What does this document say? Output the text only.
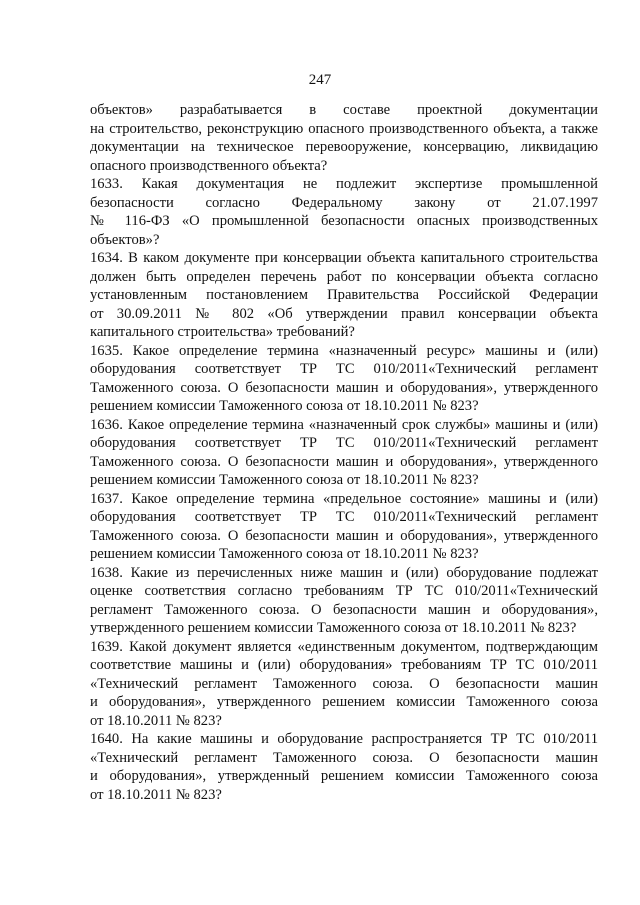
247
объектов» разрабатывается в составе проектной документации
на строительство, реконструкцию опасного производственного объекта, а также
документации на техническое перевооружение, консервацию, ликвидацию
опасного производственного объекта?
1633. Какая документация не подлежит экспертизе промышленной
безопасности согласно Федеральному закону от 21.07.1997
№ 116-ФЗ «О промышленной безопасности опасных производственных
объектов»?
1634. В каком документе при консервации объекта капитального строительства
должен быть определен перечень работ по консервации объекта согласно
установленным постановлением Правительства Российской Федерации
от 30.09.2011 № 802 «Об утверждении правил консервации объекта
капитального строительства» требований?
1635. Какое определение термина «назначенный ресурс» машины и (или)
оборудования соответствует ТР ТС 010/2011«Технический регламент
Таможенного союза. О безопасности машин и оборудования», утвержденного
решением комиссии Таможенного союза от 18.10.2011 № 823?
1636. Какое определение термина «назначенный срок службы» машины и (или)
оборудования соответствует ТР ТС 010/2011«Технический регламент
Таможенного союза. О безопасности машин и оборудования», утвержденного
решением комиссии Таможенного союза от 18.10.2011 № 823?
1637. Какое определение термина «предельное состояние» машины и (или)
оборудования соответствует ТР ТС 010/2011«Технический регламент
Таможенного союза. О безопасности машин и оборудования», утвержденного
решением комиссии Таможенного союза от 18.10.2011 № 823?
1638. Какие из перечисленных ниже машин и (или) оборудование подлежат
оценке соответствия согласно требованиям ТР ТС 010/2011«Технический
регламент Таможенного союза. О безопасности машин и оборудования»,
утвержденного решением комиссии Таможенного союза от 18.10.2011 № 823?
1639. Какой документ является «единственным документом, подтверждающим
соответствие машины и (или) оборудования» требованиям ТР ТС 010/2011
«Технический регламент Таможенного союза. О безопасности машин
и оборудования», утвержденного решением комиссии Таможенного союза
от 18.10.2011 № 823?
1640. На какие машины и оборудование распространяется ТР ТС 010/2011
«Технический регламент Таможенного союза. О безопасности машин
и оборудования», утвержденный решением комиссии Таможенного союза
от 18.10.2011 № 823?
